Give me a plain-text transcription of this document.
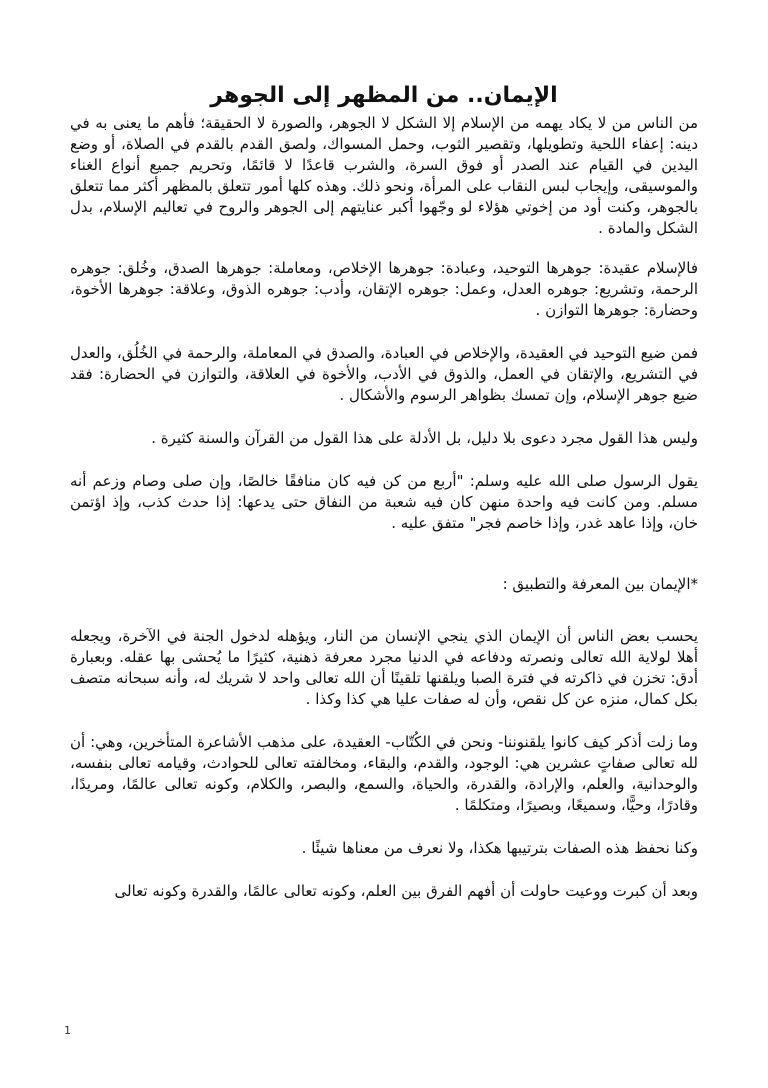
الإيمان.. من المظهر إلى الجوهر

من الناس من لا يكاد يهمه من الإسلام إلا الشكل لا الجوهر، والصورة لا الحقيقة؛ فأهم ما يعنى به في دينه: إعفاء اللحية وتطويلها، وتقصير الثوب، وحمل المسواك، ولصق القدم بالقدم في الصلاة، أو وضع اليدين في القيام عند الصدر أو فوق السرة، والشرب قاعدًا لا قائمًا، وتحريم جميع أنواع الغناء والموسيقى، وإيجاب لبس النقاب على المرأة، ونحو ذلك. وهذه كلها أمور تتعلق بالمظهر أكثر مما تتعلق بالجوهر، وكنت أود من إخوتي هؤلاء لو وجّهوا أكبر عنايتهم إلى الجوهر والروح في تعاليم الإسلام، بدل الشكل والمادة .

فالإسلام عقيدة: جوهرها التوحيد، وعبادة: جوهرها الإخلاص، ومعاملة: جوهرها الصدق، وخُلق: جوهره الرحمة، وتشريع: جوهره العدل، وعمل: جوهره الإتقان، وأدب: جوهره الذوق، وعلاقة: جوهرها الأخوة، وحضارة: جوهرها التوازن .

فمن ضيع التوحيد في العقيدة، والإخلاص في العبادة، والصدق في المعاملة، والرحمة في الخُلُق، والعدل في التشريع، والإتقان في العمل، والذوق في الأدب، والأخوة في العلاقة، والتوازن في الحضارة: فقد ضيع جوهر الإسلام، وإن تمسك بظواهر الرسوم والأشكال .

وليس هذا القول مجرد دعوى بلا دليل، بل الأدلة على هذا القول من القرآن والسنة كثيرة .

يقول الرسول صلى الله عليه وسلم: "أربع من كن فيه كان منافقًا خالصًا، وإن صلى وصام وزعم أنه مسلم. ومن كانت فيه واحدة منهن كان فيه شعبة من النفاق حتى يدعها: إذا حدث كذب، وإذ اؤتمن خان، وإذا عاهد غدر، وإذا خاصم فجر" متفق عليه .

*الإيمان بين المعرفة والتطبيق :

يحسب بعض الناس أن الإيمان الذي ينجي الإنسان من النار، ويؤهله لدخول الجنة في الآخرة، ويجعله أهلا لولاية الله تعالى ونصرته ودفاعه في الدنيا مجرد معرفة ذهنية، كثيرًا ما يُحشى بها عقله. وبعبارة أدق: تخزن في ذاكرته في فترة الصبا ويلقنها تلقينًا أن الله تعالى واحد لا شريك له، وأنه سبحانه متصف بكل كمال، منزه عن كل نقص، وأن له صفات عليا هي كذا وكذا .

وما زلت أذكر كيف كانوا يلقنوننا- ونحن في الكُتّاب- العقيدة، على مذهب الأشاعرة المتأخرين، وهي: أن لله تعالى صفاتٍ عشرين هي: الوجود، والقدم، والبقاء، ومخالفته تعالى للحوادث، وقيامه تعالى بنفسه، والوحدانية، والعلم، والإرادة، والقدرة، والحياة، والسمع، والبصر، والكلام، وكونه تعالى عالمًا، ومريدًا، وقادرًا، وحيًّا، وسميعًا، وبصيرًا، ومتكلمًا .

وكنا نحفظ هذه الصفات بترتيبها هكذا، ولا نعرف من معناها شيئًا .

وبعد أن كبرت ووعيت حاولت أن أفهم الفرق بين العلم، وكونه تعالى عالمًا، والقدرة وكونه تعالى

1
